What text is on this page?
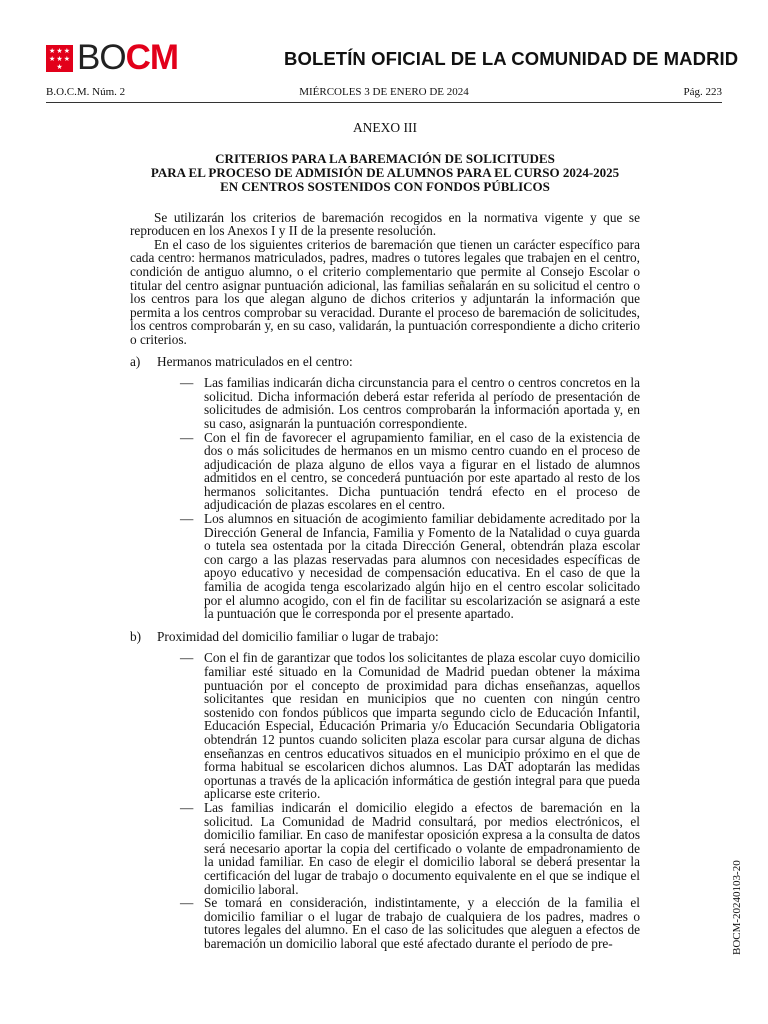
★ ★ ★
★ ★ ★
★ BOCM	BOLETÍN OFICIAL DE LA COMUNIDAD DE MADRID
B.O.C.M. Núm. 2	MIÉRCOLES 3 DE ENERO DE 2024	Pág. 223
ANEXO III
CRITERIOS PARA LA BAREMACIÓN DE SOLICITUDES
PARA EL PROCESO DE ADMISIÓN DE ALUMNOS PARA EL CURSO 2024-2025
EN CENTROS SOSTENIDOS CON FONDOS PÚBLICOS

Se utilizarán los criterios de baremación recogidos en la normativa vigente y que se reproducen en los Anexos I y II de la presente resolución.

En el caso de los siguientes criterios de baremación que tienen un carácter específico para cada centro: hermanos matriculados, padres, madres o tutores legales que trabajen en el centro, condición de antiguo alumno, o el criterio complementario que permite al Consejo Escolar o titular del centro asignar puntuación adicional, las familias señalarán en su solicitud el centro o los centros para los que alegan alguno de dichos criterios y adjuntarán la información que permita a los centros comprobar su veracidad. Durante el proceso de baremación de solicitudes, los centros comprobarán y, en su caso, validarán, la puntuación correspondiente a dicho criterio o criterios.

a)	Hermanos matriculados en el centro:
— Las familias indicarán dicha circunstancia para el centro o centros concretos en la solicitud. Dicha información deberá estar referida al período de presentación de solicitudes de admisión. Los centros comprobarán la información aportada y, en su caso, asignarán la puntuación correspondiente.
— Con el fin de favorecer el agrupamiento familiar, en el caso de la existencia de dos o más solicitudes de hermanos en un mismo centro cuando en el proceso de adjudicación de plaza alguno de ellos vaya a figurar en el listado de alumnos admitidos en el centro, se concederá puntuación por este apartado al resto de los hermanos solicitantes. Dicha puntuación tendrá efecto en el proceso de adjudicación de plazas escolares en el centro.
— Los alumnos en situación de acogimiento familiar debidamente acreditado por la Dirección General de Infancia, Familia y Fomento de la Natalidad o cuya guarda o tutela sea ostentada por la citada Dirección General, obtendrán plaza escolar con cargo a las plazas reservadas para alumnos con necesidades específicas de apoyo educativo y necesidad de compensación educativa. En el caso de que la familia de acogida tenga escolarizado algún hijo en el centro escolar solicitado por el alumno acogido, con el fin de facilitar su escolarización se asignará a este la puntuación que le corresponda por el presente apartado.
b)	Proximidad del domicilio familiar o lugar de trabajo:
— Con el fin de garantizar que todos los solicitantes de plaza escolar cuyo domicilio familiar esté situado en la Comunidad de Madrid puedan obtener la máxima puntuación por el concepto de proximidad para dichas enseñanzas, aquellos solicitantes que residan en municipios que no cuenten con ningún centro sostenido con fondos públicos que imparta segundo ciclo de Educación Infantil, Educación Especial, Educación Primaria y/o Educación Secundaria Obligatoria obtendrán 12 puntos cuando soliciten plaza escolar para cursar alguna de dichas enseñanzas en centros educativos situados en el municipio próximo en el que de forma habitual se escolaricen dichos alumnos. Las DAT adoptarán las medidas oportunas a través de la aplicación informática de gestión integral para que pueda aplicarse este criterio.
— Las familias indicarán el domicilio elegido a efectos de baremación en la solicitud. La Comunidad de Madrid consultará, por medios electrónicos, el domicilio familiar. En caso de manifestar oposición expresa a la consulta de datos será necesario aportar la copia del certificado o volante de empadronamiento de la unidad familiar. En caso de elegir el domicilio laboral se deberá presentar la certificación del lugar de trabajo o documento equivalente en el que se indique el domicilio laboral.
— Se tomará en consideración, indistintamente, y a elección de la familia el domicilio familiar o el lugar de trabajo de cualquiera de los padres, madres o tutores legales del alumno. En el caso de las solicitudes que aleguen a efectos de baremación un domicilio laboral que esté afectado durante el período de pre-	BOCM-20240103-20
